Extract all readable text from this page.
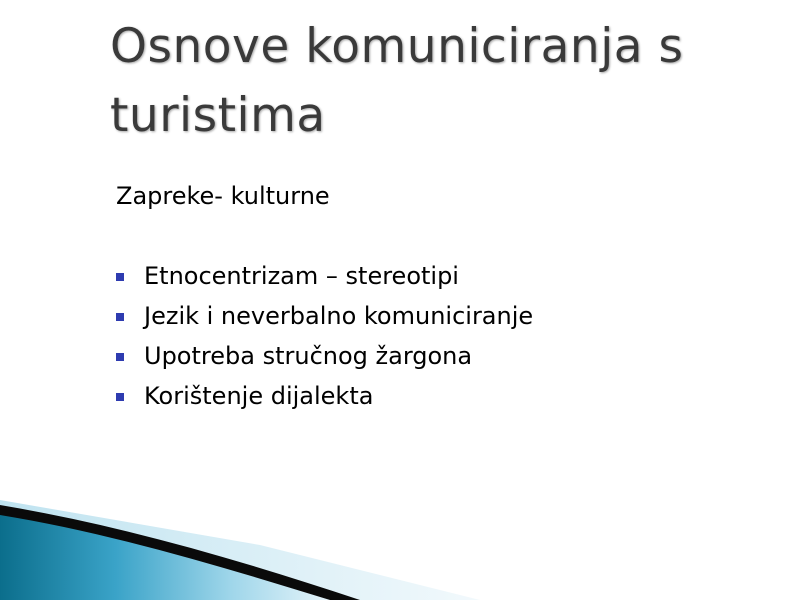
Osnove komuniciranja s turistima

Zapreke- kulturne

Etnocentrizam – stereotipi
Jezik i neverbalno komuniciranje
Upotreba stručnog žargona
Korištenje dijalekta
